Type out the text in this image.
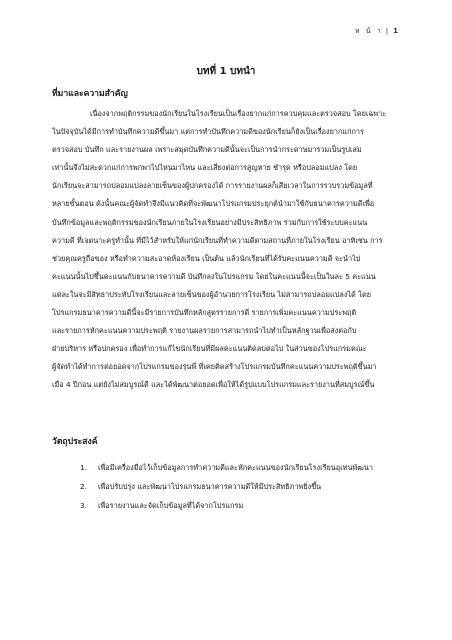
ห น้ า | 1
บทที่ 1 บทนำ
ที่มาและความสำคัญ
เนื่องจากพฤติกรรมของนักเรียนในโรงเรียนเป็นเรื่องยากแก่การควบคุมและตรวจสอบ โดยเฉพาะ
ในปัจจุบันได้มีการทำบันทึกความดีขึ้นมา แต่การทำบันทึกความดีของนักเรียนก็ยังเป็นเรื่องยากแก่การ
ตรวจสอบ บันทึก และรายงานผล เพราะสมุดบันทึกความดีนั้นจะเป็นการนำกระดาษมารวมเป็นรูปเล่ม
เท่านั้นจึงไม่สะดวกแก่การพกพาไปไหนมาไหน และเสี่ยงต่อการสูญหาย ชำรุด หรือปลอมแปลง โดย
นักเรียนจะสามารถปลอมแปลงลายเซ็นของผู้ปกครองได้ การรายงานผลก็เสียเวลาในการรวบรวมข้อมูลที่
หลายขั้นตอน ดังนั้นคณะผู้จัดทำจึงมีแนวคิดที่จะพัฒนาโปรแกรมประยุกต์นำมาใช้กับธนาคารความดีเพื่อ
บันทึกข้อมูลและพฤติกรรมของนักเรียนภายในโรงเรียนอย่างมีประสิทธิภาพ ร่วมกับการใช้ระบบคะแนน
ความดี ที่เจตนาะครูทำนั้น ที่มีไว้สำหรับให้แก่นักเรียนที่ทำความดีตามสถานที่ภายในโรงเรียน อาทิเช่น การ
ช่วยคุณครูถือของ หรือทำความสะอาดห้องเรียน เป็นต้น แล้วนักเรียนที่ได้รับคะแนนความดี จะนำไป
คะแนนนั้นไปขึ้นคะแนนกับธนาคารความดี บันทึกลงในโปรแกรม โดยในคะแนนนี้จะเป็นในละ 5 คะแนน
แต่ละในจะมีสิทธาประทับโรงเรียนและลายเซ็นของผู้อำนวยการโรงเรียน ไม่สามารถปลอมแปลงได้ โดย
โปรแกรมธนาคารความดีนี้จะมีรายการบันทึกหลักสูตรรายการดี รายการเพิ่มคะแนนความประพฤติ
และรายการหักคะแนนความประพฤติ รายงานผลรายการสามารถนำไปทำเป็นหลักฐานเพื่อส่งต่อกับ
ฝ่ายบริหาร หรือปกครอง เพื่อทำการแก้ไขนักเรียนที่มีผลคะแนนติดลบต่อไป ในส่วนของโปรแกรมคณะ
ผู้จัดทำได้ทำการต่อยอดจากโปรแกรมของรุ่นพี่ ที่เคยคิดสร้างโปรแกรมบันทึกคะแนนความประพฤติขึ้นมา
เมื่อ 4 ปีก่อน แต่ยังไม่สมบูรณ์ดี และได้พัฒนาต่อยอดเพื่อให้ได้รูปแบบโปรแกรมและรายงานที่สมบูรณ์ขึ้น
วัตถุประสงค์
1. เพื่อมีเครื่องมือไว้เก็บข้อมูลการทำความดีและหักคะแนนของนักเรียนโรงเรียนอุเทนพัฒนา
2. เพื่อปรับปรุง และพัฒนาโปรแกรมธนาคารความดีให้มีประสิทธิภาพยิ่งขึ้น
3. เพื่อรายงานและจัดเก็บข้อมูลที่ได้จากโปรแกรม
